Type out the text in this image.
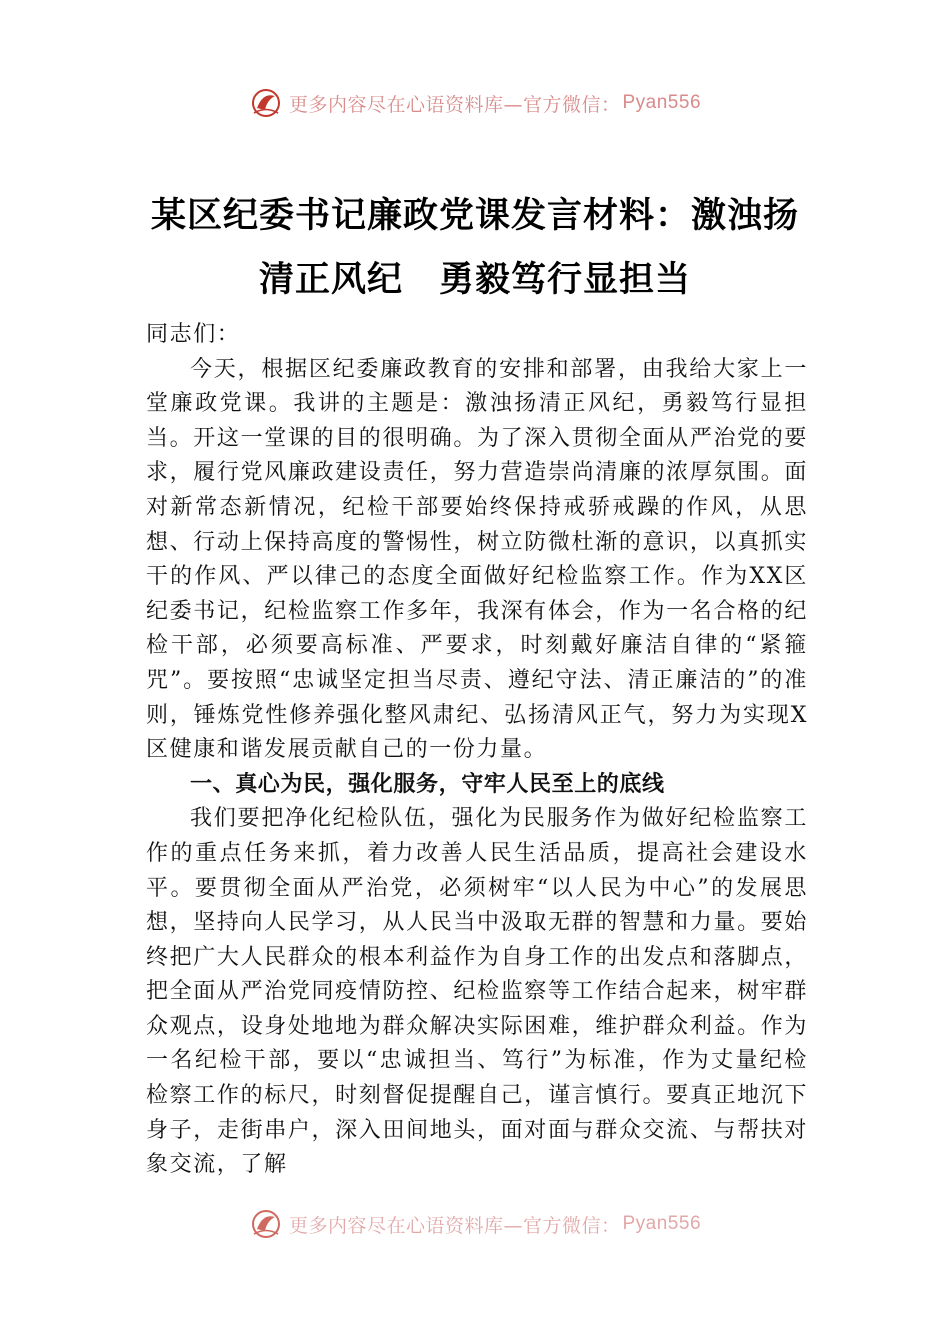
更多内容尽在心语资料库—官方微信： Pyan556
某区纪委书记廉政党课发言材料：激浊扬
清正风纪　勇毅笃行显担当

同志们：

今天，根据区纪委廉政教育的安排和部署，由我给大家上一堂廉政党课。我讲的主题是：激浊扬清正风纪，勇毅笃行显担当。开这一堂课的目的很明确。为了深入贯彻全面从严治党的要求，履行党风廉政建设责任，努力营造崇尚清廉的浓厚氛围。面对新常态新情况，纪检干部要始终保持戒骄戒躁的作风，从思想、行动上保持高度的警惕性，树立防微杜渐的意识，以真抓实干的作风、严以律己的态度全面做好纪检监察工作。作为XX区纪委书记，纪检监察工作多年，我深有体会，作为一名合格的纪检干部，必须要高标准、严要求，时刻戴好廉洁自律的“紧箍咒”。要按照“忠诚坚定担当尽责、遵纪守法、清正廉洁的”的准则，锤炼党性修养强化整风肃纪、弘扬清风正气，努力为实现X区健康和谐发展贡献自己的一份力量。

一、真心为民，强化服务，守牢人民至上的底线

我们要把净化纪检队伍，强化为民服务作为做好纪检监察工作的重点任务来抓，着力改善人民生活品质，提高社会建设水平。要贯彻全面从严治党，必须树牢“以人民为中心”的发展思想，坚持向人民学习，从人民当中汲取无群的智慧和力量。要始终把广大人民群众的根本利益作为自身工作的出发点和落脚点，把全面从严治党同疫情防控、纪检监察等工作结合起来，树牢群众观点，设身处地地为群众解决实际困难，维护群众利益。作为一名纪检干部，要以“忠诚担当、笃行”为标准，作为丈量纪检检察工作的标尺，时刻督促提醒自己，谨言慎行。要真正地沉下身子，走街串户，深入田间地头，面对面与群众交流、与帮扶对象交流，了解

更多内容尽在心语资料库—官方微信： Pyan556
